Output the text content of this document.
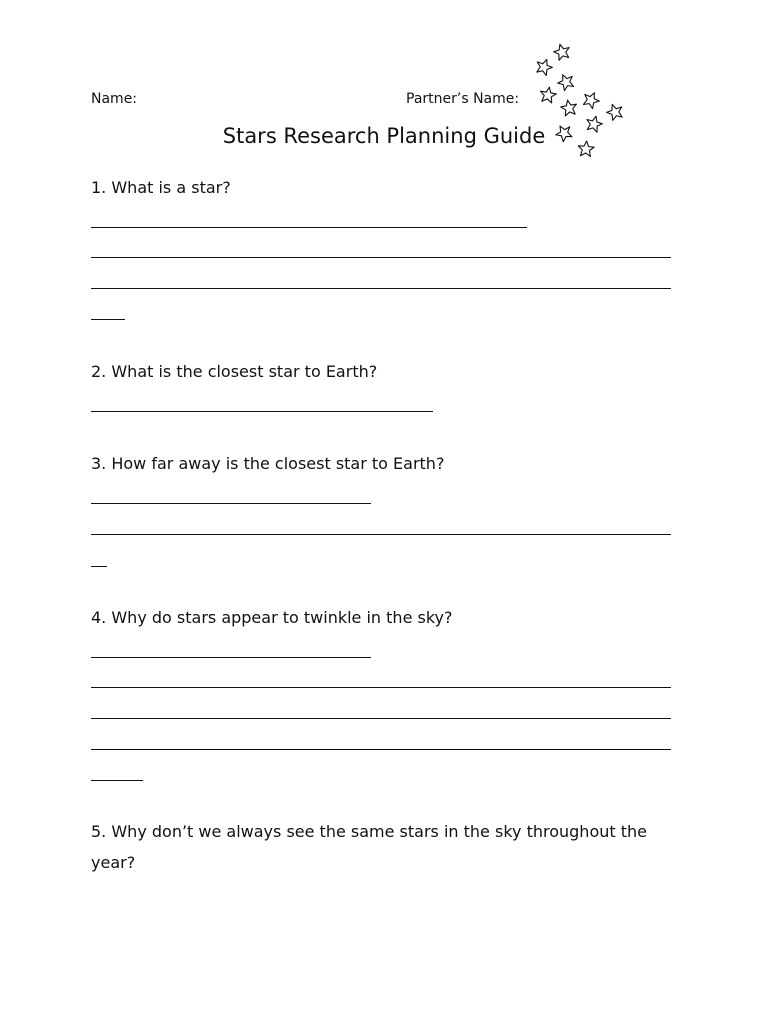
Name:	Partner’s Name:
Stars Research Planning Guide

1. What is a star?

2. What is the closest star to Earth?

3. How far away is the closest star to Earth?

4. Why do stars appear to twinkle in the sky?

5. Why don’t we always see the same stars in the sky throughout the year?
